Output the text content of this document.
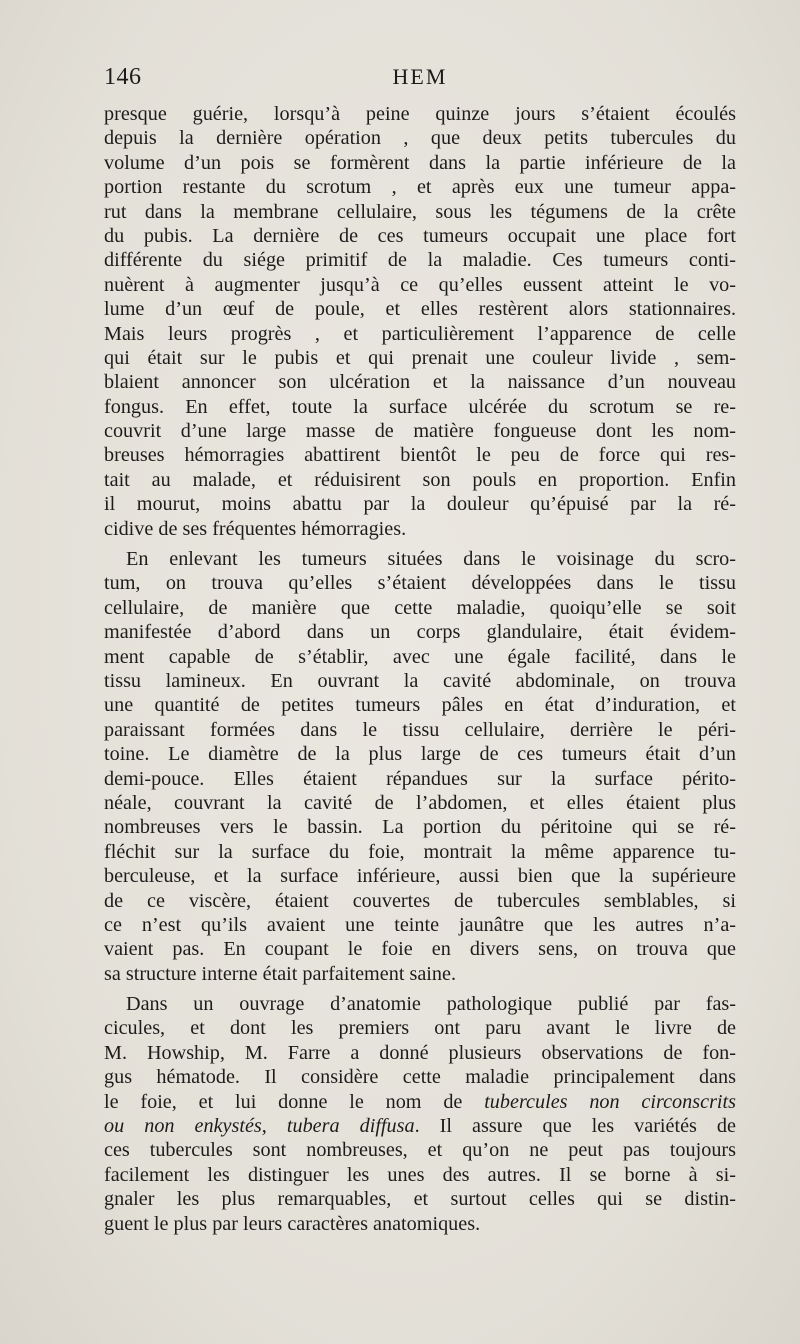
146	HEM
presque guérie, lorsqu’à peine quinze jours s’étaient écoulés
depuis la dernière opération , que deux petits tubercules du
volume d’un pois se formèrent dans la partie inférieure de la
portion restante du scrotum , et après eux une tumeur appa-
rut dans la membrane cellulaire, sous les tégumens de la crête
du pubis. La dernière de ces tumeurs occupait une place fort
différente du siége primitif de la maladie. Ces tumeurs conti-
nuèrent à augmenter jusqu’à ce qu’elles eussent atteint le vo-
lume d’un œuf de poule, et elles restèrent alors stationnaires.
Mais leurs progrès , et particulièrement l’apparence de celle
qui était sur le pubis et qui prenait une couleur livide , sem-
blaient annoncer son ulcération et la naissance d’un nouveau
fongus. En effet, toute la surface ulcérée du scrotum se re-
couvrit d’une large masse de matière fongueuse dont les nom-
breuses hémorragies abattirent bientôt le peu de force qui res-
tait au malade, et réduisirent son pouls en proportion. Enfin
il mourut, moins abattu par la douleur qu’épuisé par la ré-
cidive de ses fréquentes hémorragies.
En enlevant les tumeurs situées dans le voisinage du scro-
tum, on trouva qu’elles s’étaient développées dans le tissu
cellulaire, de manière que cette maladie, quoiqu’elle se soit
manifestée d’abord dans un corps glandulaire, était évidem-
ment capable de s’établir, avec une égale facilité, dans le
tissu lamineux. En ouvrant la cavité abdominale, on trouva
une quantité de petites tumeurs pâles en état d’induration, et
paraissant formées dans le tissu cellulaire, derrière le péri-
toine. Le diamètre de la plus large de ces tumeurs était d’un
demi-pouce. Elles étaient répandues sur la surface périto-
néale, couvrant la cavité de l’abdomen, et elles étaient plus
nombreuses vers le bassin. La portion du péritoine qui se ré-
fléchit sur la surface du foie, montrait la même apparence tu-
berculeuse, et la surface inférieure, aussi bien que la supérieure
de ce viscère, étaient couvertes de tubercules semblables, si
ce n’est qu’ils avaient une teinte jaunâtre que les autres n’a-
vaient pas. En coupant le foie en divers sens, on trouva que
sa structure interne était parfaitement saine.
Dans un ouvrage d’anatomie pathologique publié par fas-
cicules, et dont les premiers ont paru avant le livre de
M. Howship, M. Farre a donné plusieurs observations de fon-
gus hématode. Il considère cette maladie principalement dans
le foie, et lui donne le nom de tubercules non circonscrits
ou non enkystés, tubera diffusa. Il assure que les variétés de
ces tubercules sont nombreuses, et qu’on ne peut pas toujours
facilement les distinguer les unes des autres. Il se borne à si-
gnaler les plus remarquables, et surtout celles qui se distin-
guent le plus par leurs caractères anatomiques.
